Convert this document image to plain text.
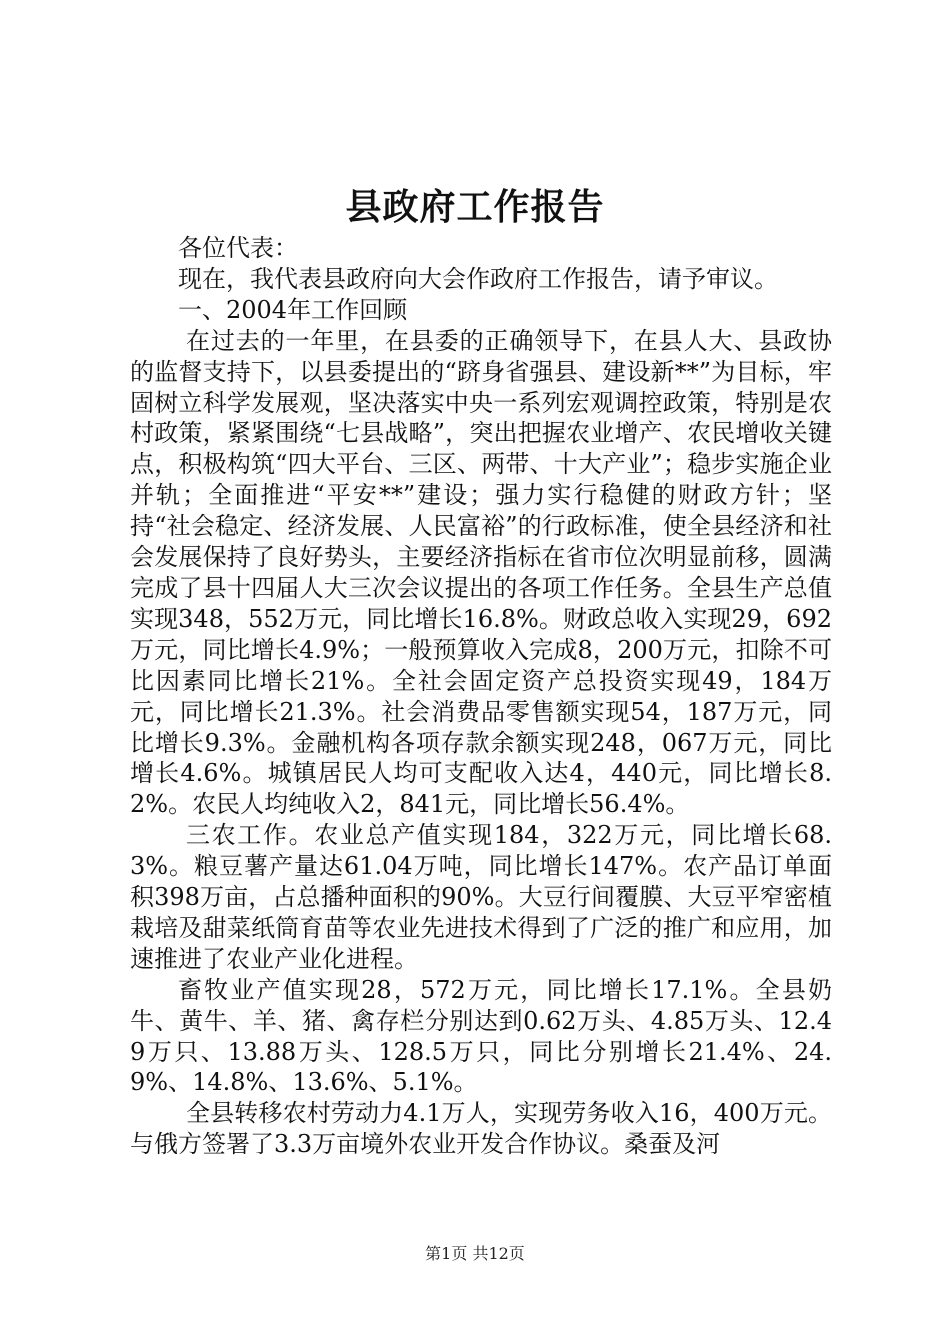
县政府工作报告

各位代表：

现在，我代表县政府向大会作政府工作报告，请予审议。

一、2004年工作回顾

在过去的一年里，在县委的正确领导下，在县人大、县政协的监督支持下，以县委提出的“跻身省强县、建设新**”为目标，牢固树立科学发展观，坚决落实中央一系列宏观调控政策，特别是农村政策，紧紧围绕“七县战略”，突出把握农业增产、农民增收关键点，积极构筑“四大平台、三区、两带、十大产业”；稳步实施企业并轨；全面推进“平安**”建设；强力实行稳健的财政方针；坚持“社会稳定、经济发展、人民富裕”的行政标准，使全县经济和社会发展保持了良好势头，主要经济指标在省市位次明显前移，圆满完成了县十四届人大三次会议提出的各项工作任务。全县生产总值实现348，552万元，同比增长16.8%。财政总收入实现29，692万元，同比增长4.9%；一般预算收入完成8，200万元，扣除不可比因素同比增长21%。全社会固定资产总投资实现49，184万元，同比增长21.3%。社会消费品零售额实现54，187万元，同比增长9.3%。金融机构各项存款余额实现248，067万元，同比增长4.6%。城镇居民人均可支配收入达4，440元，同比增长8.2%。农民人均纯收入2，841元，同比增长56.4%。

三农工作。农业总产值实现184，322万元，同比增长68.3%。粮豆薯产量达61.04万吨，同比增长147%。农产品订单面积398万亩，占总播种面积的90%。大豆行间覆膜、大豆平窄密植栽培及甜菜纸筒育苗等农业先进技术得到了广泛的推广和应用，加速推进了农业产业化进程。

畜牧业产值实现28，572万元，同比增长17.1%。全县奶牛、黄牛、羊、猪、禽存栏分别达到0.62万头、4.85万头、12.49万只、13.88万头、128.5万只，同比分别增长21.4%、24.9%、14.8%、13.6%、5.1%。

全县转移农村劳动力4.1万人，实现劳务收入16，400万元。与俄方签署了3.3万亩境外农业开发合作协议。桑蚕及河

第1页 共12页
